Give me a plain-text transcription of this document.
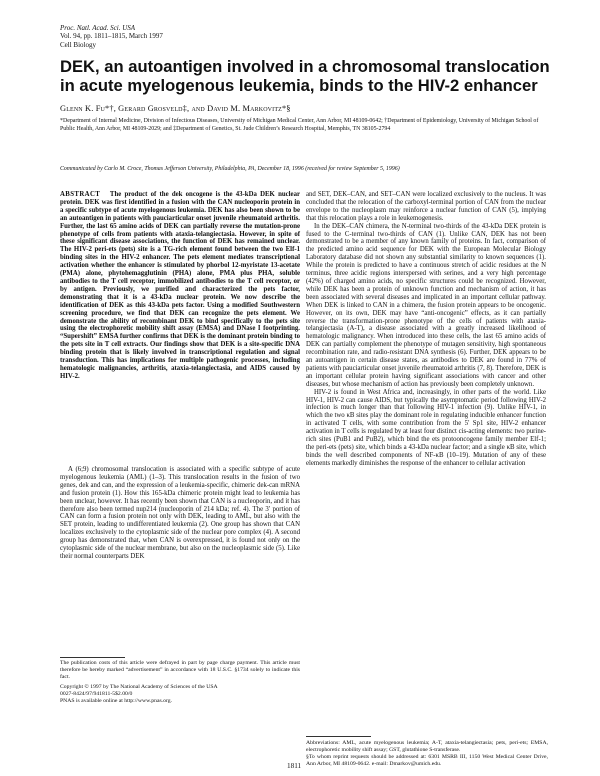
Proc. Natl. Acad. Sci. USA
Vol. 94, pp. 1811–1815, March 1997
Cell Biology
DEK, an autoantigen involved in a chromosomal translocation in acute myelogenous leukemia, binds to the HIV-2 enhancer
Glenn K. Fu*†, Gerard Grosveld‡, and David M. Markovitz*§
*Department of Internal Medicine, Division of Infectious Diseases, University of Michigan Medical Center, Ann Arbor, MI 48109-0642; †Department of Epidemiology, University of Michigan School of Public Health, Ann Arbor, MI 48109-2029; and ‡Department of Genetics, St. Jude Children’s Research Hospital, Memphis, TN 38105-2794
Communicated by Carlo M. Croce, Thomas Jefferson University, Philadelphia, PA, December 18, 1996 (received for review September 5, 1996)

ABSTRACT The product of the dek oncogene is the 43-kDa DEK nuclear protein. DEK was first identified in a fusion with the CAN nucleoporin protein in a specific subtype of acute myelogenous leukemia. DEK has also been shown to be an autoantigen in patients with pauciarticular onset juvenile rheumatoid arthritis. Further, the last 65 amino acids of DEK can partially reverse the mutation-prone phenotype of cells from patients with ataxia-telangiectasia. However, in spite of these significant disease associations, the function of DEK has remained unclear. The HIV-2 peri-ets (pets) site is a TG-rich element found between the two Elf-1 binding sites in the HIV-2 enhancer. The pets element mediates transcriptional activation whether the enhancer is stimulated by phorbol 12-myristate 13-acetate (PMA) alone, phytohemagglutinin (PHA) alone, PMA plus PHA, soluble antibodies to the T cell receptor, immobilized antibodies to the T cell receptor, or by antigen. Previously, we purified and characterized the pets factor, demonstrating that it is a 43-kDa nuclear protein. We now describe the identification of DEK as this 43-kDa pets factor. Using a modified Southwestern screening procedure, we find that DEK can recognize the pets element. We demonstrate the ability of recombinant DEK to bind specifically to the pets site using the electrophoretic mobility shift assay (EMSA) and DNase I footprinting. “Supershift” EMSA further confirms that DEK is the dominant protein binding to the pets site in T cell extracts. Our findings show that DEK is a site-specific DNA binding protein that is likely involved in transcriptional regulation and signal transduction. This has implications for multiple pathogenic processes, including hematologic malignancies, arthritis, ataxia-telangiectasia, and AIDS caused by HIV-2.

A (6;9) chromosomal translocation is associated with a specific subtype of acute myelogenous leukemia (AML) (1–3). This translocation results in the fusion of two genes, dek and can, and the expression of a leukemia-specific, chimeric dek-can mRNA and fusion protein (1). How this 165-kDa chimeric protein might lead to leukemia has been unclear, however. It has recently been shown that CAN is a nucleoporin, and it has therefore also been termed nup214 (nucleoporin of 214 kDa; ref. 4). The 3′ portion of CAN can form a fusion protein not only with DEK, leading to AML, but also with the SET protein, leading to undifferentiated leukemia (2). One group has shown that CAN localizes exclusively to the cytoplasmic side of the nuclear pore complex (4). A second group has demonstrated that, when CAN is overexpressed, it is found not only on the cytoplasmic side of the nuclear membrane, but also on the nucleoplasmic side (5). Like their normal counterparts DEK

and SET, DEK–CAN, and SET–CAN were localized exclusively to the nucleus. It was concluded that the relocation of the carboxyl-terminal portion of CAN from the nuclear envelope to the nucleoplasm may reinforce a nuclear function of CAN (5), implying that this relocation plays a role in leukemogenesis.

In the DEK–CAN chimera, the N-terminal two-thirds of the 43-kDa DEK protein is fused to the C-terminal two-thirds of CAN (1). Unlike CAN, DEK has not been demonstrated to be a member of any known family of proteins. In fact, comparison of the predicted amino acid sequence for DEK with the European Molecular Biology Laboratory database did not shown any substantial similarity to known sequences (1). While the protein is predicted to have a continuous stretch of acidic residues at the N terminus, three acidic regions interspersed with serines, and a very high percentage (42%) of charged amino acids, no specific structures could be recognized. However, while DEK has been a protein of unknown function and mechanism of action, it has been associated with several diseases and implicated in an important cellular pathway. When DEK is linked to CAN in a chimera, the fusion protein appears to be oncogenic. However, on its own, DEK may have “anti-oncogenic” effects, as it can partially reverse the transformation-prone phenotype of the cells of patients with ataxia-telangiectasia (A-T), a disease associated with a greatly increased likelihood of hematologic malignancy. When introduced into these cells, the last 65 amino acids of DEK can partially complement the phenotype of mutagen sensitivity, high spontaneous recombination rate, and radio-resistant DNA synthesis (6). Further, DEK appears to be an autoantigen in certain disease states, as antibodies to DEK are found in 77% of patients with pauciarticular onset juvenile rheumatoid arthritis (7, 8). Therefore, DEK is an important cellular protein having significant associations with cancer and other diseases, but whose mechanism of action has previously been completely unknown.

HIV-2 is found in West Africa and, increasingly, in other parts of the world. Like HIV-1, HIV-2 can cause AIDS, but typically the asymptomatic period following HIV-2 infection is much longer than that following HIV-1 infection (9). Unlike HIV-1, in which the two κB sites play the dominant role in regulating inducible enhancer function in activated T cells, with some contribution from the 5′ Sp1 site, HIV-2 enhancer activation in T cells is regulated by at least four distinct cis-acting elements: two purine-rich sites (PuB1 and PuB2), which bind the ets protooncogene family member Elf-1; the peri-ets (pets) site, which binds a 43-kDa nuclear factor; and a single κB site, which binds the well described components of NF-κB (10–19). Mutation of any of these elements markedly diminishes the response of the enhancer to cellular activation

The publication costs of this article were defrayed in part by page charge payment. This article must therefore be hereby marked “advertisement” in accordance with 18 U.S.C. §1734 solely to indicate this fact.

Copyright © 1997 by The National Academy of Sciences of the USA

0027-8424/97/941811-5$2.00/0

PNAS is available online at http://www.pnas.org.

Abbreviations: AML, acute myelogenous leukemia; A-T, ataxia-telangiectasia; pets, peri-ets; EMSA, electrophoretic mobility shift assay; GST, glutathione S-transferase.

§To whom reprint requests should be addressed at: 6301 MSRB III, 1150 West Medical Center Drive, Ann Arbor, MI 48109-0642. e-mail: Dmarkov@umich.edu.

1811
